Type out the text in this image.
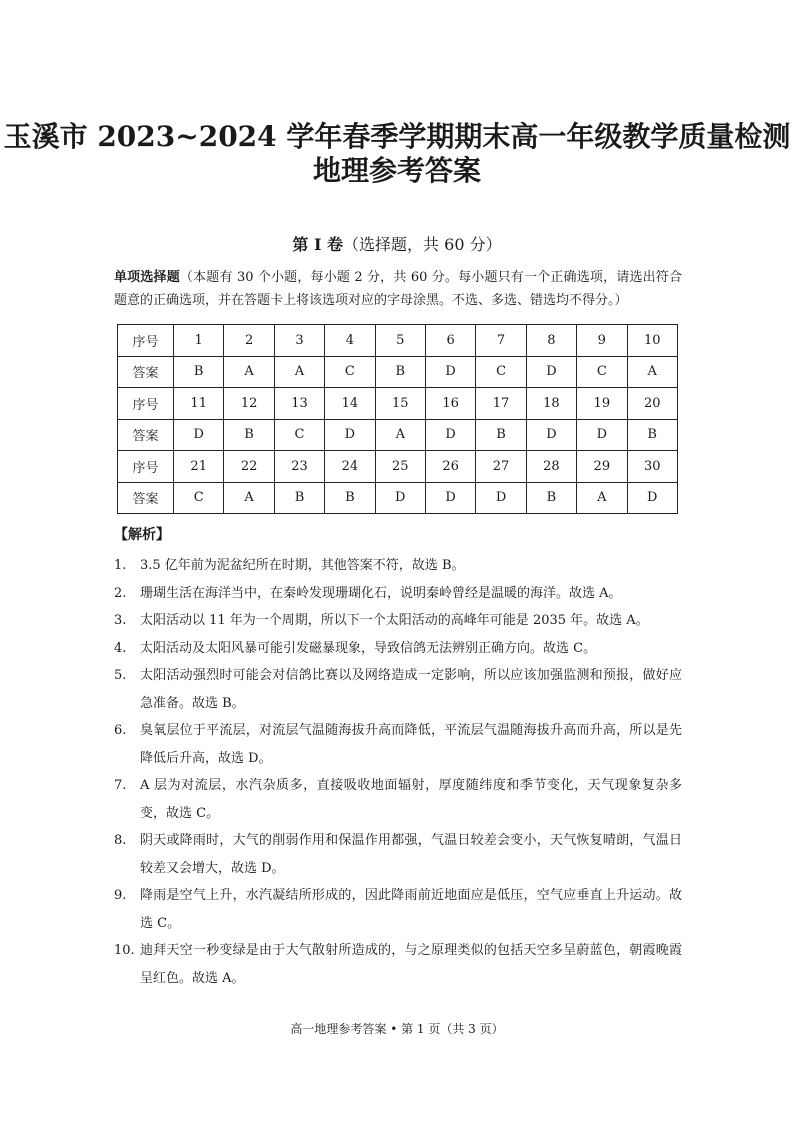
玉溪市 2023~2024 学年春季学期期末高一年级教学质量检测
地理参考答案
第 I 卷（选择题，共 60 分）
单项选择题（本题有 30 个小题，每小题 2 分，共 60 分。每小题只有一个正确选项，请选出符合题意的正确选项，并在答题卡上将该选项对应的字母涂黑。不选、多选、错选均不得分。）
序号	1	2	3	4	5	6	7	8	9	10
答案	B	A	A	C	B	D	C	D	C	A
序号	11	12	13	14	15	16	17	18	19	20
答案	D	B	C	D	A	D	B	D	D	B
序号	21	22	23	24	25	26	27	28	29	30
答案	C	A	B	B	D	D	D	B	A	D
【解析】
1.	3.5 亿年前为泥盆纪所在时期，其他答案不符，故选 B。
2.	珊瑚生活在海洋当中，在秦岭发现珊瑚化石，说明秦岭曾经是温暖的海洋。故选 A。
3.	太阳活动以 11 年为一个周期，所以下一个太阳活动的高峰年可能是 2035 年。故选 A。
4.	太阳活动及太阳风暴可能引发磁暴现象，导致信鸽无法辨别正确方向。故选 C。
5.	太阳活动强烈时可能会对信鸽比赛以及网络造成一定影响，所以应该加强监测和预报，做好应急准备。故选 B。
6.	臭氧层位于平流层，对流层气温随海拔升高而降低，平流层气温随海拔升高而升高，所以是先降低后升高，故选 D。
7.	A 层为对流层，水汽杂质多，直接吸收地面辐射，厚度随纬度和季节变化，天气现象复杂多变，故选 C。
8.	阴天或降雨时，大气的削弱作用和保温作用都强，气温日较差会变小，天气恢复晴朗，气温日较差又会增大，故选 D。
9.	降雨是空气上升，水汽凝结所形成的，因此降雨前近地面应是低压，空气应垂直上升运动。故选 C。
10. 迪拜天空一秒变绿是由于大气散射所造成的，与之原理类似的包括天空多呈蔚蓝色，朝霞晚霞呈红色。故选 A。
高一地理参考答案 • 第 1 页（共 3 页）
